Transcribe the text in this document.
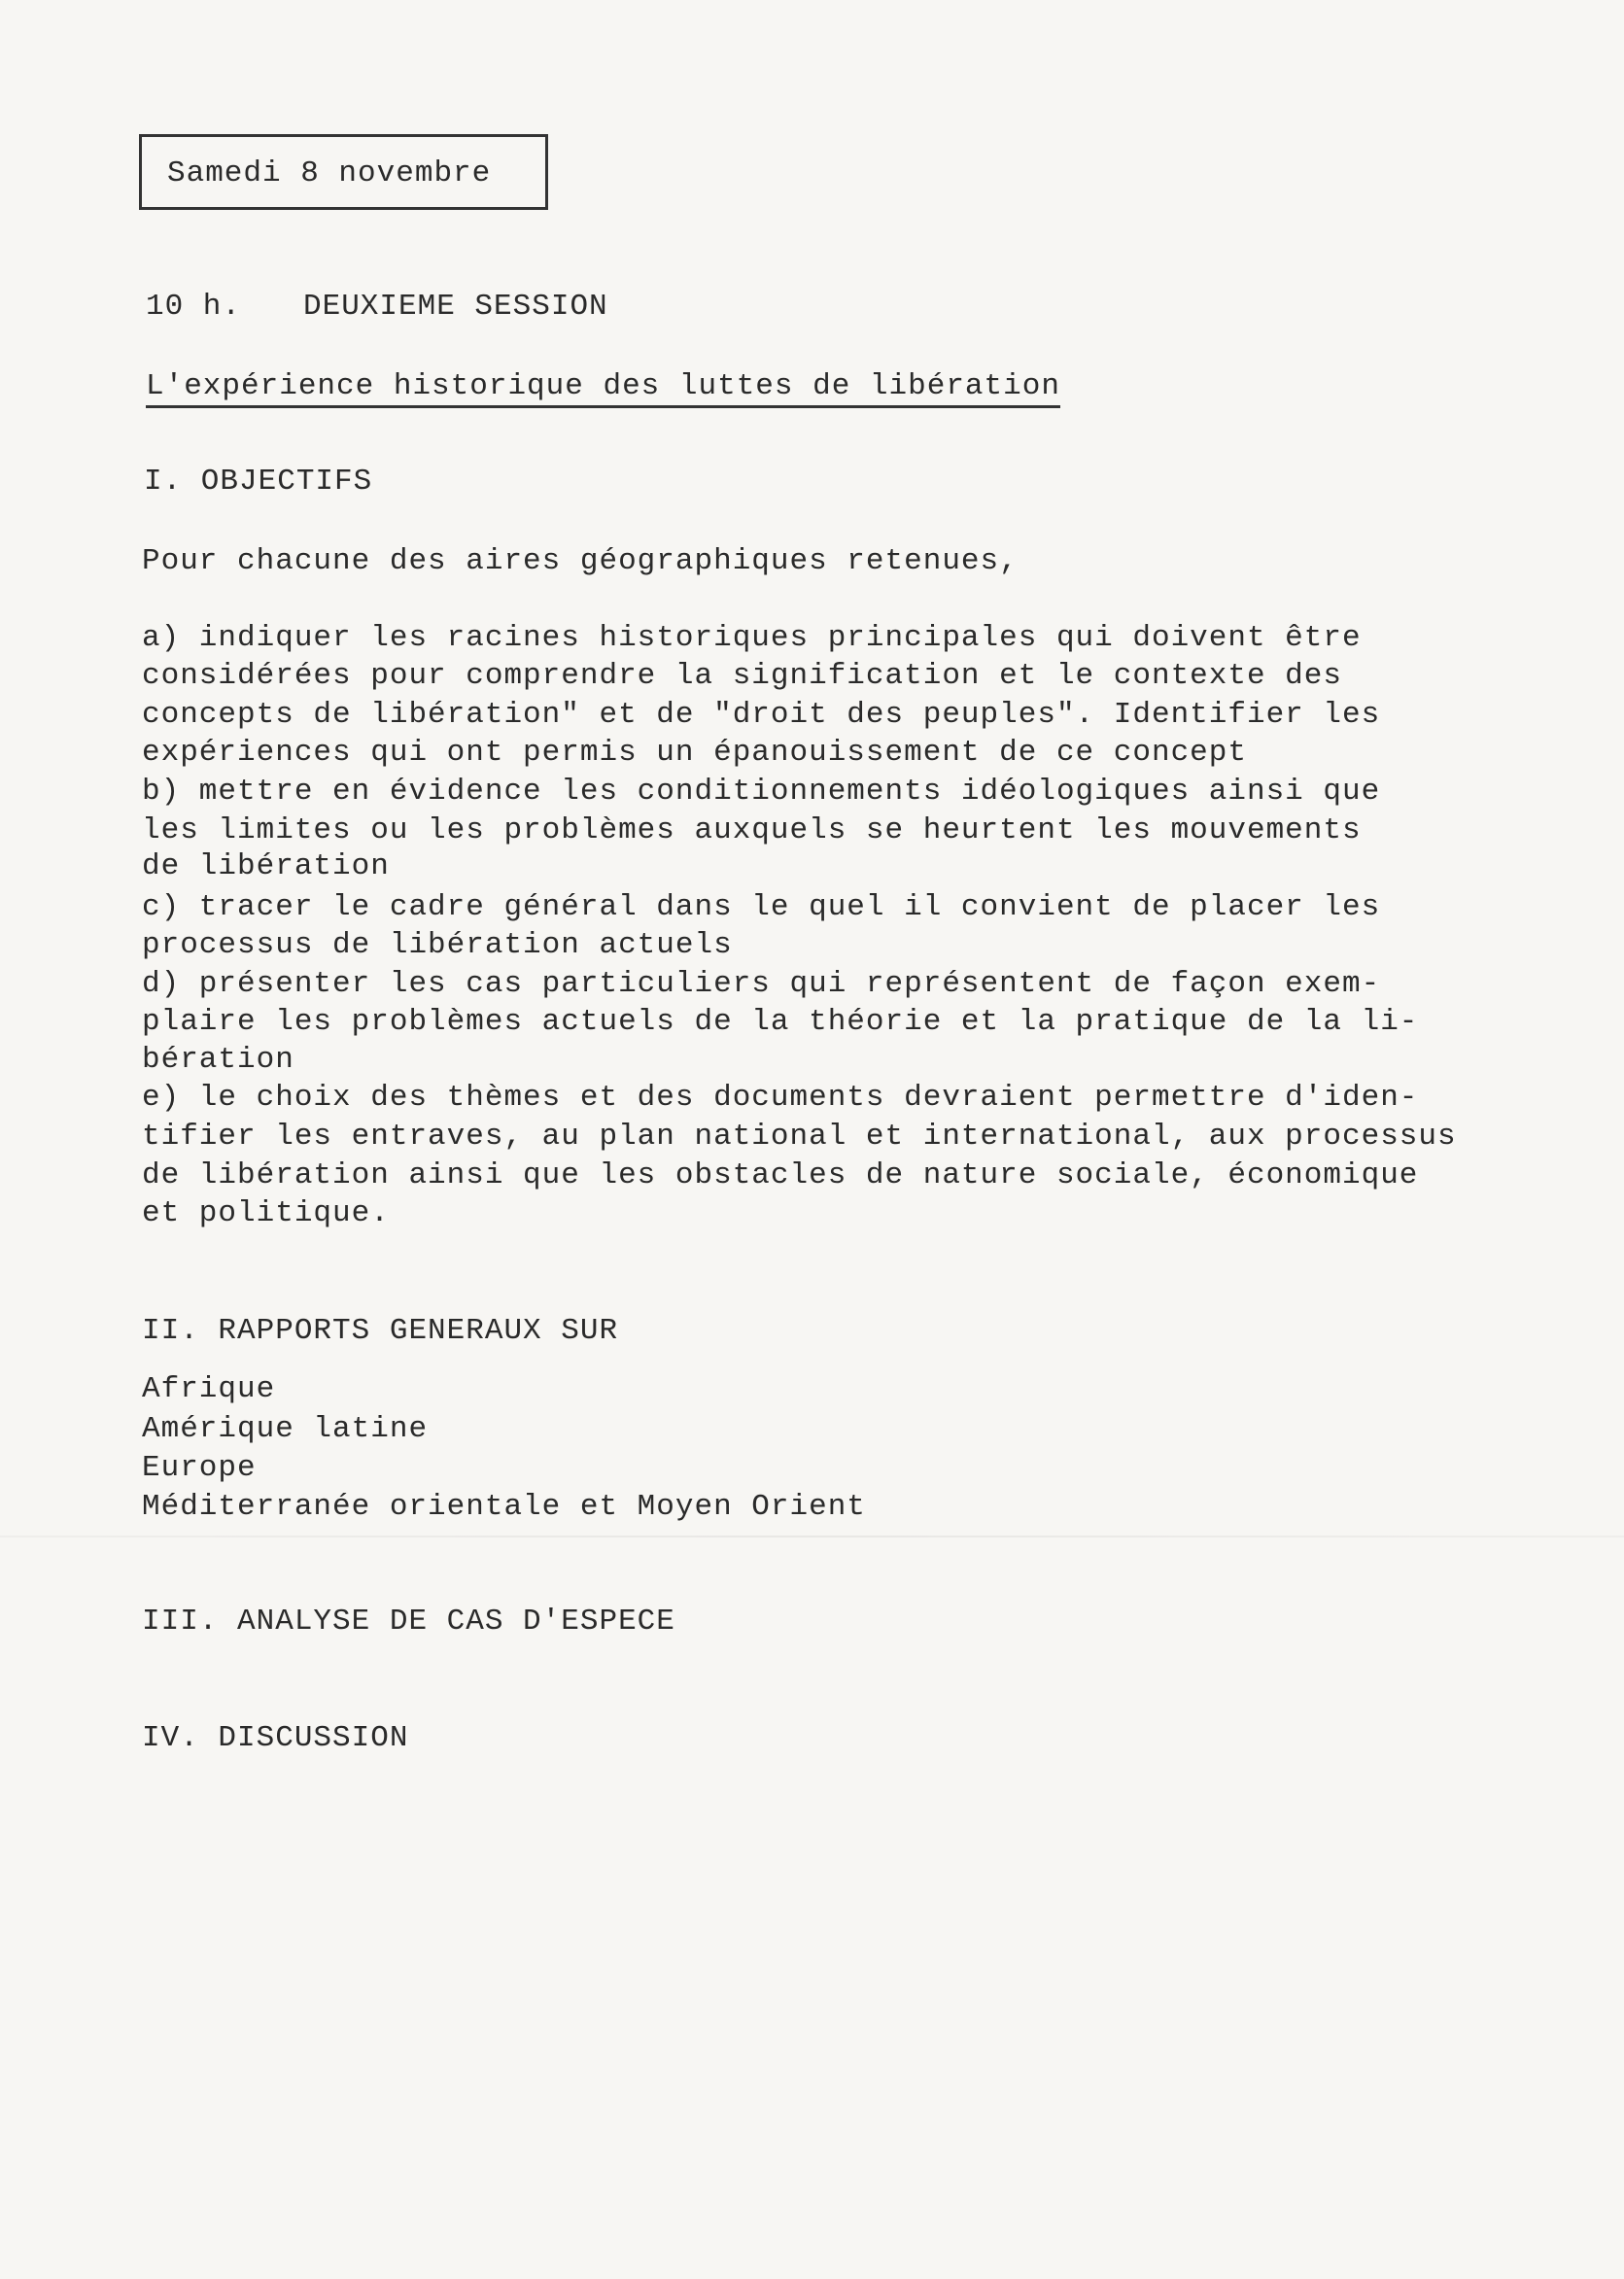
Samedi 8 novembre
10 h. DEUXIEME SESSION
L'expérience historique des luttes de libération
I. OBJECTIFS
Pour chacune des aires géographiques retenues,
a) indiquer les racines historiques principales qui doivent être
considérées pour comprendre la signification et le contexte des
concepts de libération" et de "droit des peuples". Identifier les
expériences qui ont permis un épanouissement de ce concept
b) mettre en évidence les conditionnements idéologiques ainsi que
les limites ou les problèmes auxquels se heurtent les mouvements
de libération
c) tracer le cadre général dans le quel il convient de placer les
processus de libération actuels
d) présenter les cas particuliers qui représentent de façon exem-
plaire les problèmes actuels de la théorie et la pratique de la li-
bération
e) le choix des thèmes et des documents devraient permettre d'iden-
tifier les entraves, au plan national et international, aux processus
de libération ainsi que les obstacles de nature sociale, économique
et politique.
II. RAPPORTS GENERAUX SUR
Afrique
Amérique latine
Europe
Méditerranée orientale et Moyen Orient
III. ANALYSE DE CAS D'ESPECE
IV. DISCUSSION
